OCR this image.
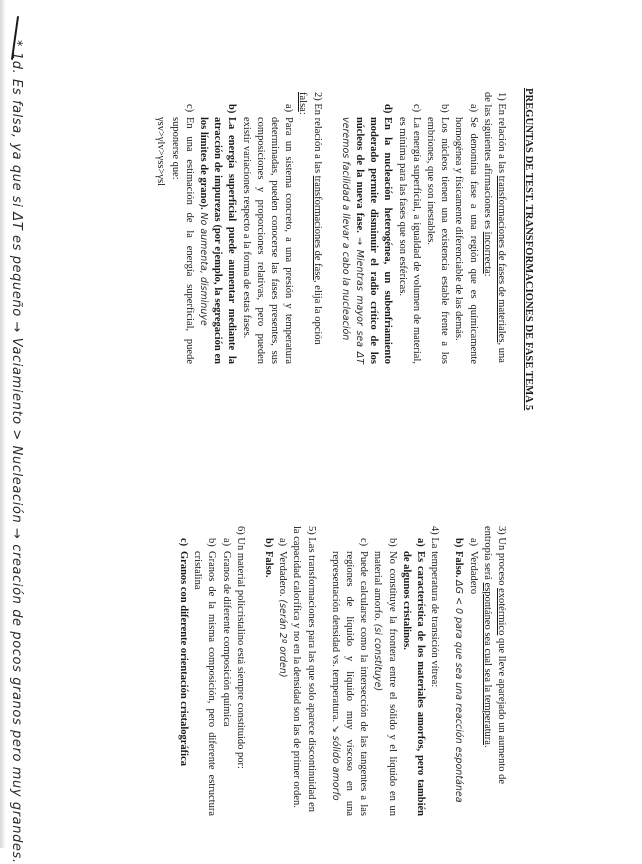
PREGUNTAS DE TEST. TRANSFORMACIONES DE FASE TEMA 5

1) En relación a las transformaciones de fases de materiales, una de las siguientes afirmaciones es incorrecta:

a)
Se denomina fase a una región que es químicamente homogénea y físicamente diferenciable de las demás.
b)
Los núcleos tienen una existencia estable frente a los embriones, que son inestables.
c)
La energía superficial, a igualdad de volumen de material, es mínima para las fases que son esféricas.
d)
En la nucleación heterogénea, un subenfriamiento moderado permite disminuir el radio crítico de los núcleos de la nueva fase. → Mientras mayor sea ΔT veremos facilidad a llevar a cabo la nucleación

2) En relación a las transformaciones de fase, elija la opción falsa:

a)
Para un sistema concreto, a una presión y temperatura determinadas, pueden conocerse las fases presentes, sus composiciones y proporciones relativas, pero pueden existir variaciones respecto a la forma de estas fases.
b)
La energía superficial puede aumentar mediante la atracción de impurezas (por ejemplo, la segregación en los límites de grano). No aumenta, disminuye
c)
En una estimación de la energía superficial, puede suponerse que:
γsv>γlv>γss>γsl

3) Un proceso exotérmico que lleve aparejado un aumento de entropía será espontáneo sea cual sea la temperatura.

a)
Verdadero
b)
Falso. ΔG < 0 para que sea una reacción espontánea

4) La temperatura de transición vítrea:

a)
Es característica de los materiales amorfos, pero también de algunos cristalinos.
b)
No constituye la frontera entre el sólido y el líquido en un material amorfo. (si constituye)
c)
Puede calcularse como la intersección de las tangentes a las regiones de líquido y líquido muy viscoso en una representación densidad vs. temperatura. ↘ sólido amorfo

5) Las transformaciones para las que solo aparece discontinuidad en la capacidad calorífica y no en la densidad son las de primer orden.

a)
Verdadero. (serán 2º orden)
b)
Falso.

6) Un material policristalino está siempre constituido por:

a)
Granos de diferente composición química
b)
Granos de la misma composición, pero diferente estructura cristalina
c)
Granos con diferente orientación cristalográfica
* 1d. Es falsa, ya que si ΔT es pequeño → Vaciamiento > Nucleación → creación de pocos granos pero muy grandes.
